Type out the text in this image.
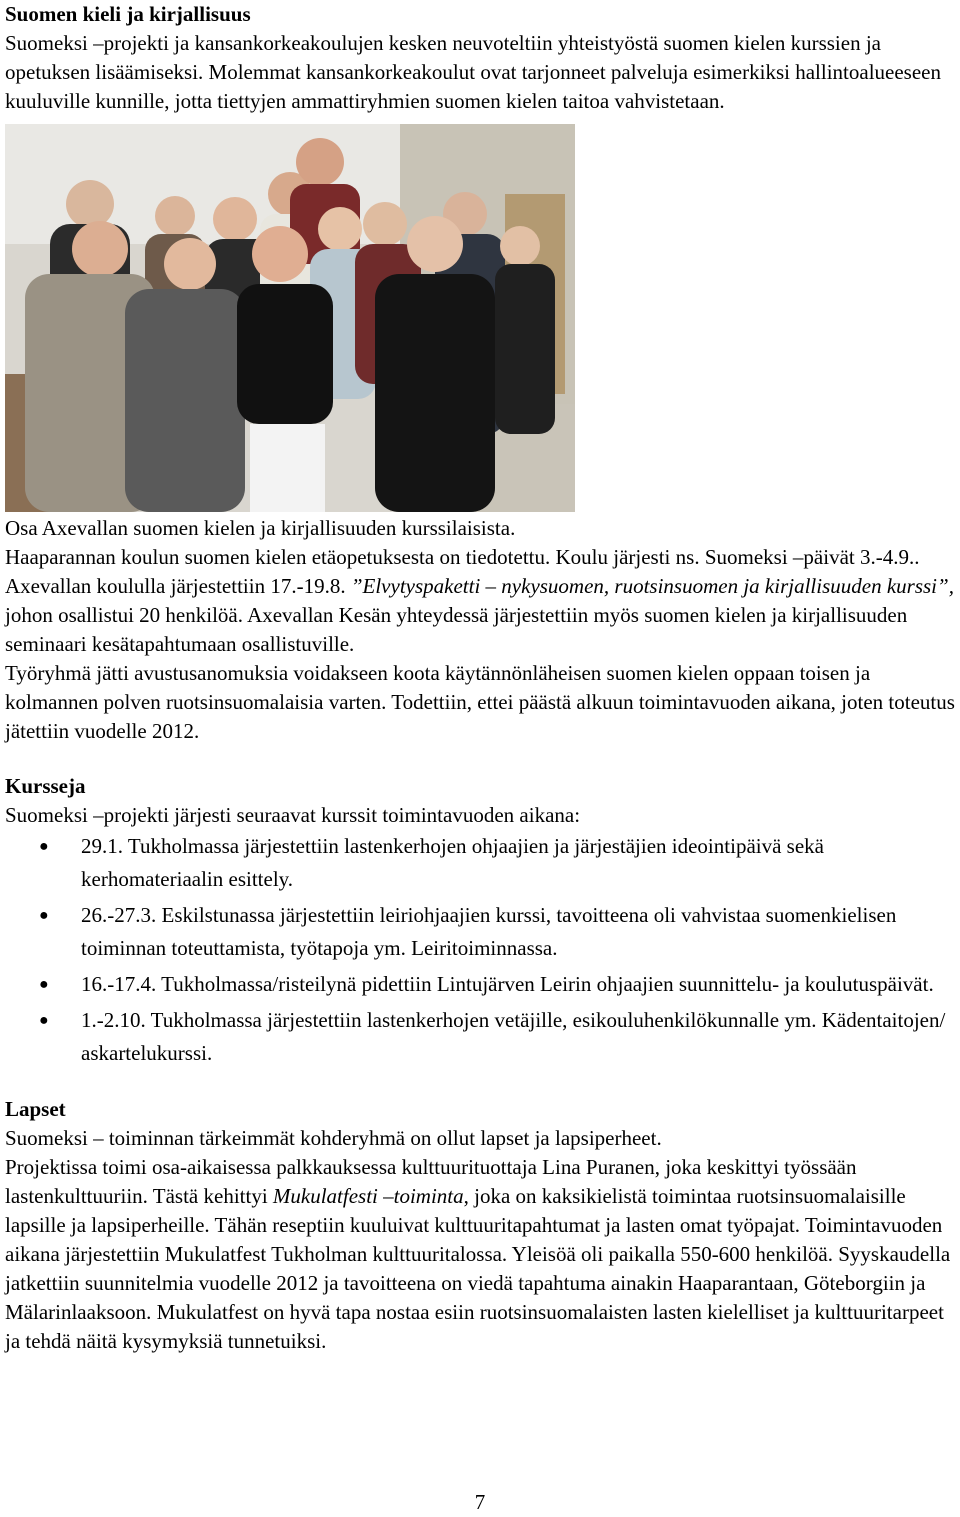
Suomen kieli ja kirjallisuus

Suomeksi –projekti ja kansankorkeakoulujen kesken neuvoteltiin yhteistyöstä suomen kielen kurssien ja opetuksen lisäämiseksi. Molemmat kansankorkeakoulut ovat tarjonneet palveluja esimerkiksi hallintoalueeseen kuuluville kunnille, jotta tiettyjen ammattiryhmien suomen kielen taitoa vahvistetaan.

Osa Axevallan suomen kielen ja kirjallisuuden kurssilaisista.

Haaparannan koulun suomen kielen etäopetuksesta on tiedotettu. Koulu järjesti ns. Suomeksi –päivät 3.-4.9.. Axevallan koululla järjestettiin 17.-19.8. ”Elvytyspaketti – nykysuomen, ruotsinsuomen ja kirjallisuuden kurssi”, johon osallistui 20 henkilöä. Axevallan Kesän yhteydessä järjestettiin myös suomen kielen ja kirjallisuuden seminaari kesätapahtumaan osallistuville.

Työryhmä jätti avustusanomuksia voidakseen koota käytännönläheisen suomen kielen oppaan toisen ja kolmannen polven ruotsinsuomalaisia varten. Todettiin, ettei päästä alkuun toimintavuoden aikana, joten toteutus jätettiin vuodelle 2012.

Kursseja

Suomeksi –projekti järjesti seuraavat kurssit toimintavuoden aikana:

● 29.1. Tukholmassa järjestettiin lastenkerhojen ohjaajien ja järjestäjien ideointipäivä sekä kerhomateriaalin esittely.
● 26.-27.3. Eskilstunassa järjestettiin leiriohjaajien kurssi, tavoitteena oli vahvistaa suomenkielisen toiminnan toteuttamista, työtapoja ym. Leiritoiminnassa.
● 16.-17.4. Tukholmassa/risteilynä pidettiin Lintujärven Leirin ohjaajien suunnittelu- ja koulutuspäivät.
● 1.-2.10. Tukholmassa järjestettiin lastenkerhojen vetäjille, esikouluhenkilökunnalle ym. Kädentaitojen/ askartelukurssi.
Lapset

Suomeksi – toiminnan tärkeimmät kohderyhmä on ollut lapset ja lapsiperheet.

Projektissa toimi osa-aikaisessa palkkauksessa kulttuurituottaja Lina Puranen, joka keskittyi työssään lastenkulttuuriin. Tästä kehittyi Mukulatfesti –toiminta, joka on kaksikielistä toimintaa ruotsinsuomalaisille lapsille ja lapsiperheille. Tähän reseptiin kuuluivat kulttuuritapahtumat ja lasten omat työpajat. Toimintavuoden aikana järjestettiin Mukulatfest Tukholman kulttuuritalossa. Yleisöä oli paikalla 550-600 henkilöä. Syyskaudella jatkettiin suunnitelmia vuodelle 2012 ja tavoitteena on viedä tapahtuma ainakin Haaparantaan, Göteborgiin ja Mälarinlaaksoon. Mukulatfest on hyvä tapa nostaa esiin ruotsinsuomalaisten lasten kielelliset ja kulttuuritarpeet ja tehdä näitä kysymyksiä tunnetuiksi.

7
